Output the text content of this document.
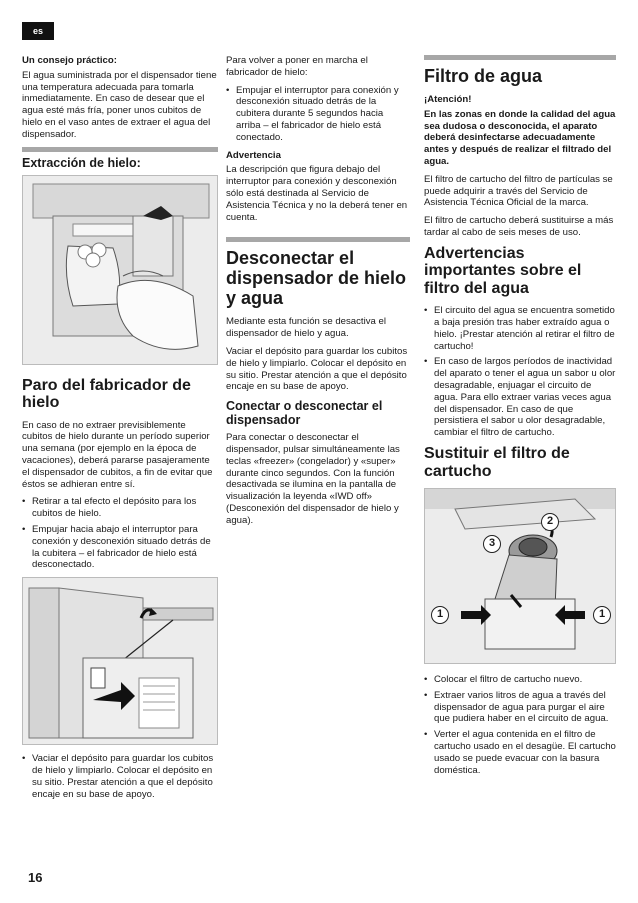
es
Un consejo práctico:

El agua suministrada por el dispensador tiene una temperatura adecuada para tomarla inmediatamente. En caso de desear que el agua esté más fría, poner unos cubitos de hielo en el vaso antes de extraer el agua del dispensador.

Extracción de hielo:
Paro del fabricador de hielo

En caso de no extraer previsiblemente cubitos de hielo durante un período superior una semana (por ejemplo en la época de vacaciones), deberá pararse pasajeramente el dispensador de cubitos, a fin de evitar que éstos se adhieran entre sí.

• Retirar a tal efecto el depósito para los cubitos de hielo.
• Empujar hacia abajo el interruptor para conexión y desconexión situado detrás de la cubitera – el fabricador de hielo está desconectado.
• Vaciar el depósito para guardar los cubitos de hielo y limpiarlo. Colocar el depósito en su sitio. Prestar atención a que el depósito encaje en su base de apoyo.

Para volver a poner en marcha el fabricador de hielo:

• Empujar el interruptor para conexión y desconexión situado detrás de la cubitera durante 5 segundos hacia arriba – el fabricador de hielo está conectado.
Advertencia

La descripción que figura debajo del interruptor para conexión y desconexión sólo está destinada al Servicio de Asistencia Técnica y no la deberá tener en cuenta.

Desconectar el dispensador de hielo y agua

Mediante esta función se desactiva el dispensador de hielo y agua.

Vaciar el depósito para guardar los cubitos de hielo y limpiarlo. Colocar el depósito en su sitio. Prestar atención a que el depósito encaje en su base de apoyo.

Conectar o desconectar el dispensador

Para conectar o desconectar el dispensador, pulsar simultáneamente las teclas «freezer» (congelador) y «super» durante cinco segundos. Con la función desactivada se ilumina en la pantalla de visualización la leyenda «IWD off» (Desconexión del dispensador de hielo y agua).

Filtro de agua
¡Atención!

En las zonas en donde la calidad del agua sea dudosa o desconocida, el aparato deberá desinfectarse adecuadamente antes y después de realizar el filtrado del agua.

El filtro de cartucho del filtro de partículas se puede adquirir a través del Servicio de Asistencia Técnica Oficial de la marca.

El filtro de cartucho deberá sustituirse a más tardar al cabo de seis meses de uso.

Advertencias importantes sobre el filtro del agua
• El circuito del agua se encuentra sometido a baja presión tras haber extraído agua o hielo. ¡Prestar atención al retirar el filtro de cartucho!
• En caso de largos períodos de inactividad del aparato o tener el agua un sabor u olor desagradable, enjuagar el circuito de agua. Para ello extraer varias veces agua del dispensador. En caso de que persistiera el sabor u olor desagradable, cambiar el filtro de cartucho.
Sustituir el filtro de cartucho
1	1
2
3
• Colocar el filtro de cartucho nuevo.
• Extraer varios litros de agua a través del dispensador de agua para purgar el aire que pudiera haber en el circuito de agua.
• Verter el agua contenida en el filtro de cartucho usado en el desagüe. El cartucho usado se puede evacuar con la basura doméstica.
16
